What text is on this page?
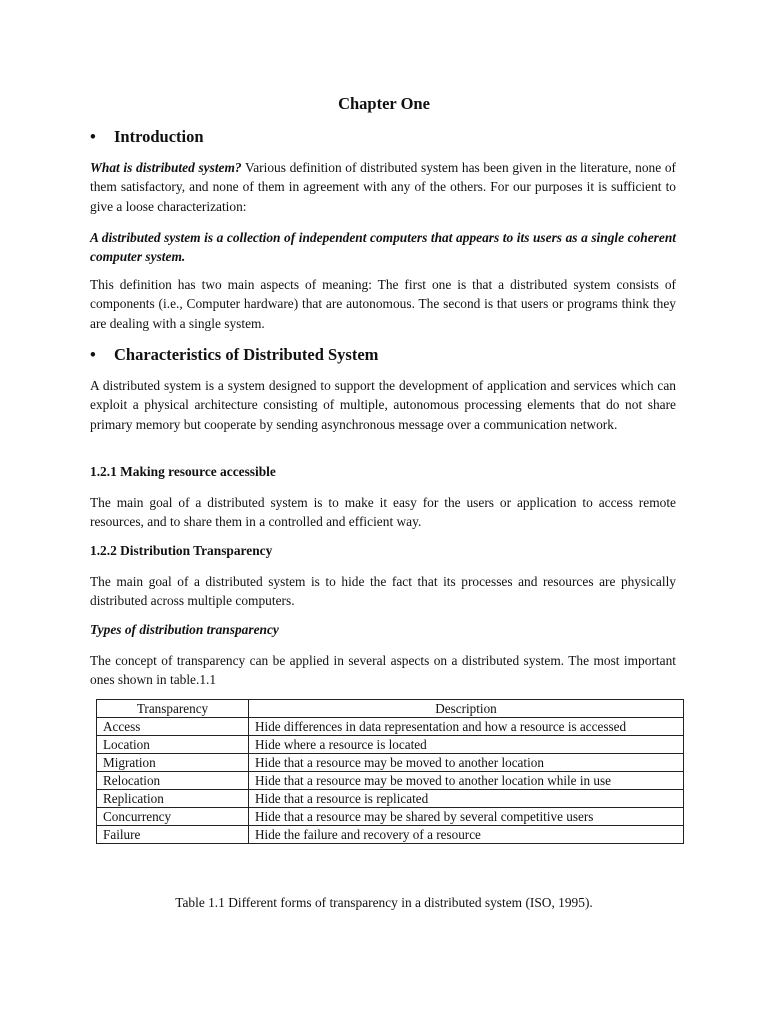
Chapter One

• Introduction

What is distributed system? Various definition of distributed system has been given in the literature, none of them satisfactory, and none of them in agreement with any of the others. For our purposes it is sufficient to give a loose characterization:

A distributed system is a collection of independent computers that appears to its users as a single coherent computer system.

This definition has two main aspects of meaning: The first one is that a distributed system consists of components (i.e., Computer hardware) that are autonomous. The second is that users or programs think they are dealing with a single system.

• Characteristics of Distributed System

A distributed system is a system designed to support the development of application and services which can exploit a physical architecture consisting of multiple, autonomous processing elements that do not share primary memory but cooperate by sending asynchronous message over a communication network.

1.2.1 Making resource accessible

The main goal of a distributed system is to make it easy for the users or application to access remote resources, and to share them in a controlled and efficient way.

1.2.2 Distribution Transparency

The main goal of a distributed system is to hide the fact that its processes and resources are physically distributed across multiple computers.

Types of distribution transparency

The concept of transparency can be applied in several aspects on a distributed system. The most important ones shown in table.1.1

Transparency	Description
Access	Hide differences in data representation and how a resource is accessed
Location	Hide where a resource is located
Migration	Hide that a resource may be moved to another location
Relocation	Hide that a resource may be moved to another location while in use
Replication	Hide that a resource is replicated
Concurrency	Hide that a resource may be shared by several competitive users
Failure	Hide the failure and recovery of a resource

Table 1.1 Different forms of transparency in a distributed system (ISO, 1995).
